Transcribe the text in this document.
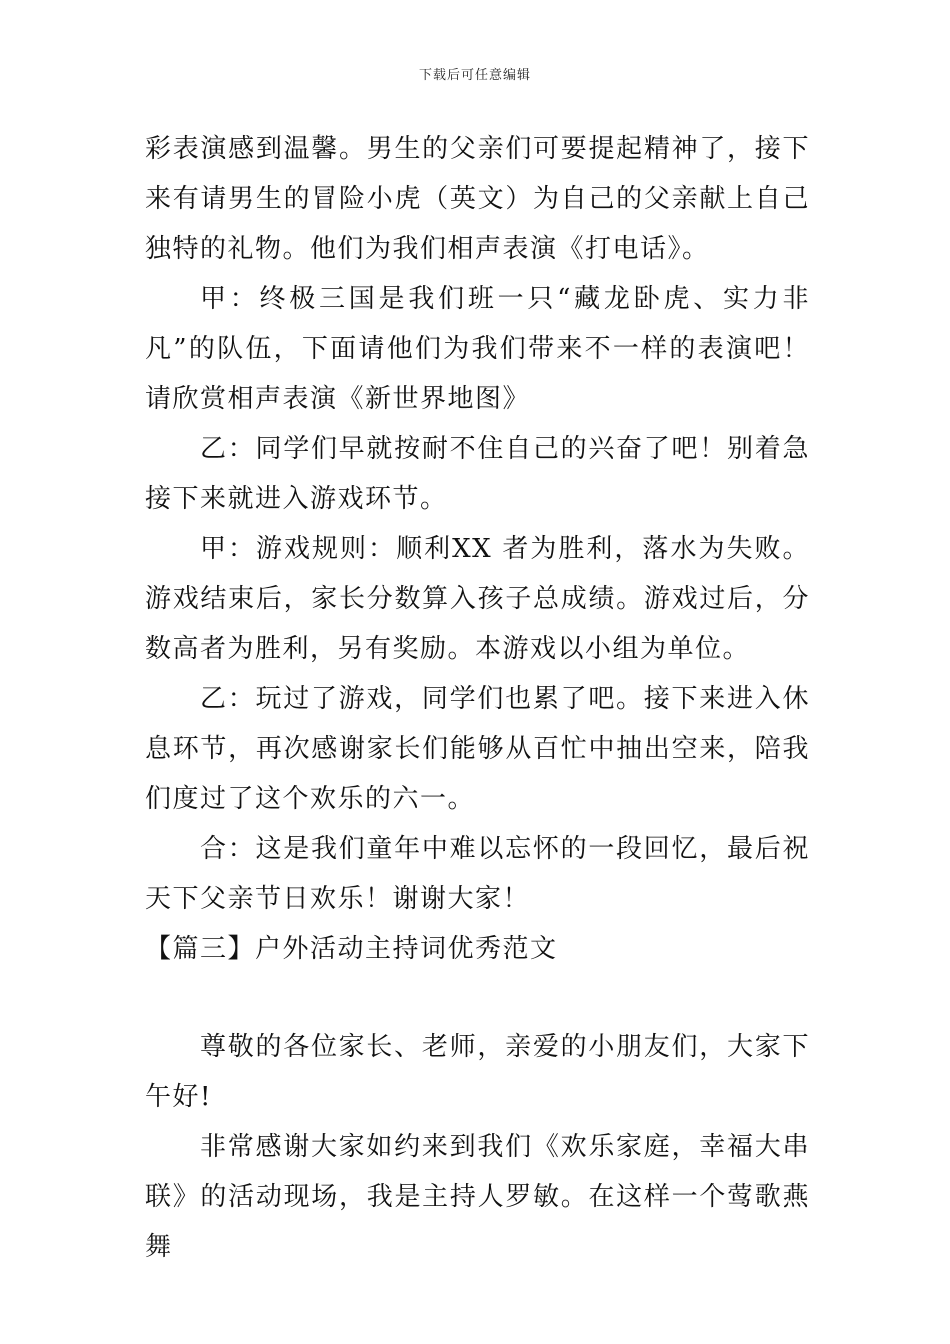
下载后可任意编辑

彩表演感到温馨。男生的父亲们可要提起精神了，接下来有请男生的冒险小虎（英文）为自己的父亲献上自己独特的礼物。他们为我们相声表演《打电话》。

甲：终极三国是我们班一只“藏龙卧虎、实力非凡”的队伍，下面请他们为我们带来不一样的表演吧！请欣赏相声表演《新世界地图》

乙：同学们早就按耐不住自己的兴奋了吧！别着急接下来就进入游戏环节。

甲：游戏规则：顺利XX 者为胜利，落水为失败。游戏结束后，家长分数算入孩子总成绩。游戏过后，分数高者为胜利，另有奖励。本游戏以小组为单位。

乙：玩过了游戏，同学们也累了吧。接下来进入休息环节，再次感谢家长们能够从百忙中抽出空来，陪我们度过了这个欢乐的六一。

合：这是我们童年中难以忘怀的一段回忆，最后祝天下父亲节日欢乐！谢谢大家！

【篇三】户外活动主持词优秀范文

尊敬的各位家长、老师，亲爱的小朋友们，大家下午好!

非常感谢大家如约来到我们《欢乐家庭，幸福大串联》的活动现场，我是主持人罗敏。在这样一个莺歌燕舞
